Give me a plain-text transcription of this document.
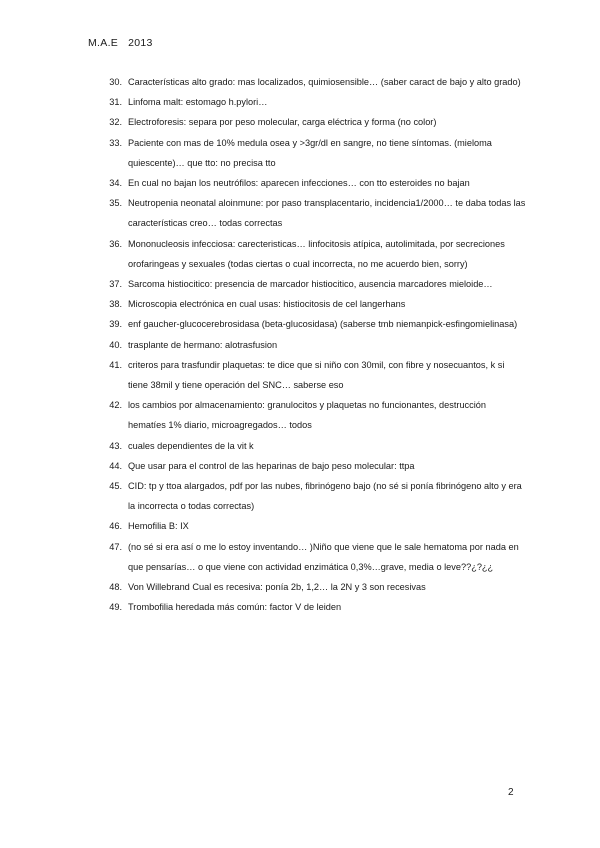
M.A.E 2013
30. Características alto grado: mas localizados, quimiosensible… (saber caract de bajo y alto grado)
31. Linfoma malt: estomago h.pylori…
32. Electroforesis: separa por peso molecular, carga eléctrica y forma (no color)
33. Paciente con mas de 10% medula osea y >3gr/dl en sangre, no tiene síntomas. (mieloma quiescente)… que tto: no precisa tto
34. En cual no bajan los neutrófilos: aparecen infecciones… con tto esteroides no bajan
35. Neutropenia neonatal aloinmune: por paso transplacentario, incidencia1/2000… te daba todas las características creo… todas correctas
36. Mononucleosis infecciosa: carecteristicas… linfocitosis atípica, autolimitada, por secreciones orofaringeas y sexuales (todas ciertas o cual incorrecta, no me acuerdo bien, sorry)
37. Sarcoma histiocitico: presencia de marcador histiocitico, ausencia marcadores mieloide…
38. Microscopia electrónica en cual usas: histiocitosis de cel langerhans
39. enf gaucher-glucocerebrosidasa (beta-glucosidasa) (saberse tmb niemanpick-esfingomielinasa)
40. trasplante de hermano: alotrasfusion
41. criteros para trasfundir plaquetas: te dice que si niño con 30mil, con fibre y nosecuantos, k si tiene 38mil y tiene operación del SNC… saberse eso
42. los cambios por almacenamiento: granulocitos y plaquetas no funcionantes, destrucción hematíes 1% diario, microagregados… todos
43. cuales dependientes de la vit k
44. Que usar para el control de las heparinas de bajo peso molecular: ttpa
45. CID: tp y ttoa alargados, pdf por las nubes, fibrinógeno bajo (no sé si ponía fibrinógeno alto y era la incorrecta o todas correctas)
46. Hemofilia B: IX
47. (no sé si era así o me lo estoy inventando… )Niño que viene que le sale hematoma por nada en que pensarías… o que viene con actividad enzimática 0,3%…grave, media o leve??¿?¿¿
48. Von Willebrand Cual es recesiva: ponía 2b, 1,2… la 2N y 3 son recesivas
49. Trombofilia heredada más común: factor V de leiden
2
